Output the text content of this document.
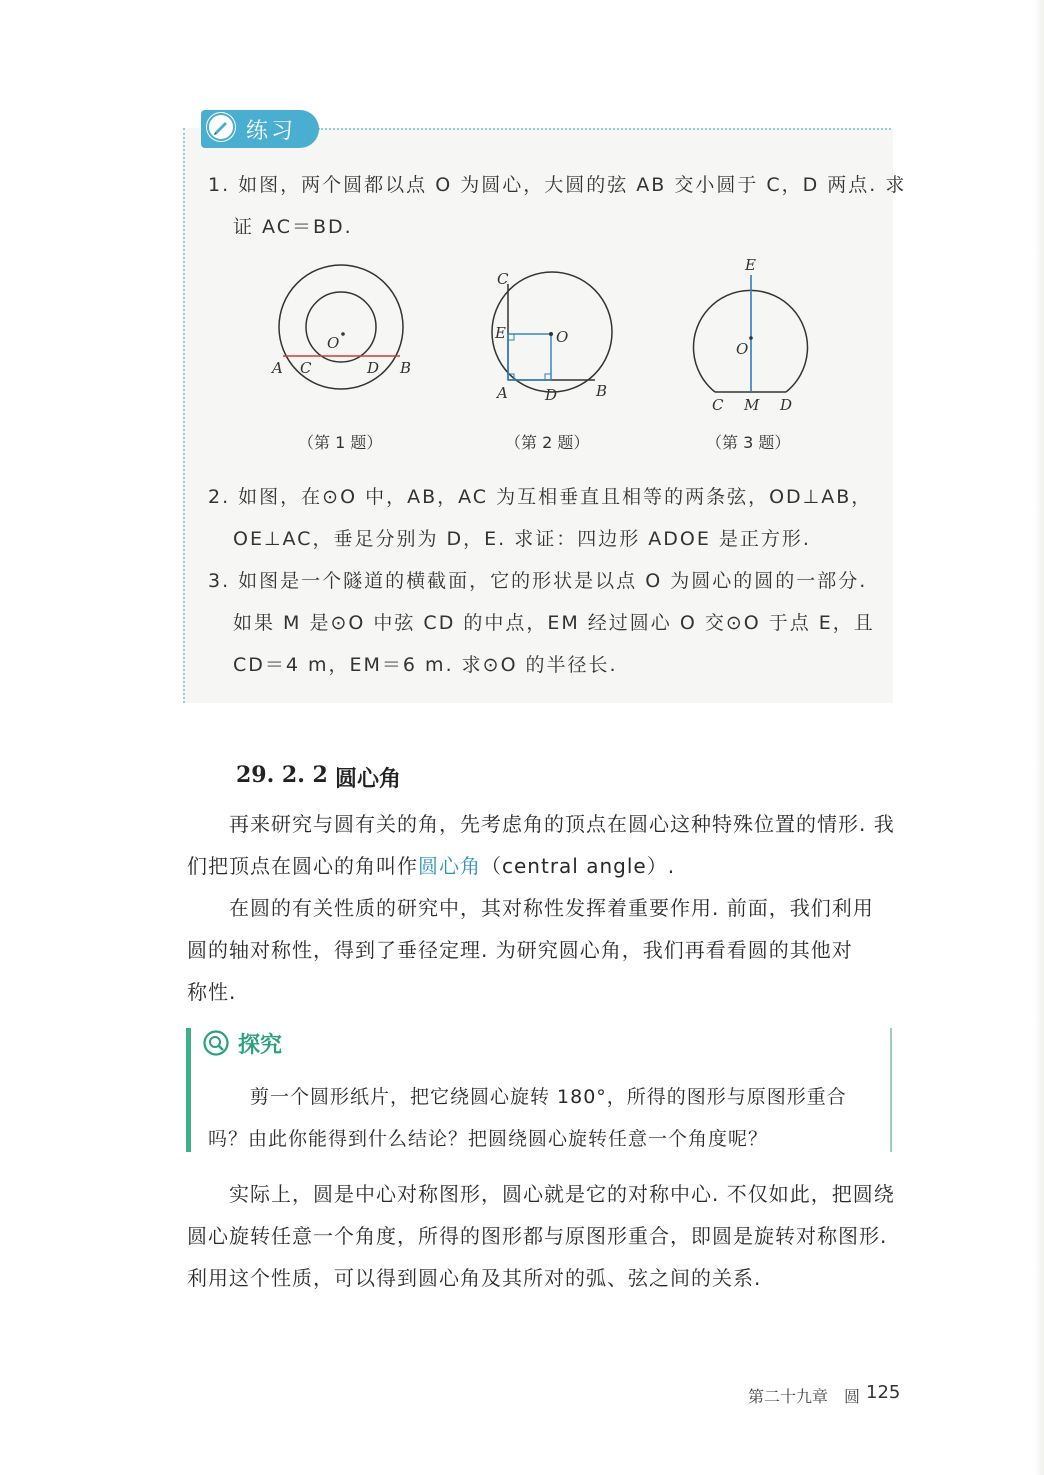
练习
1. 如图，两个圆都以点 O 为圆心，大圆的弦 AB 交小圆于 C，D 两点. 求
证 AC＝BD.
O
A C	D B
C
E	O
A D	B
E
O
C M D
（第 1 题）	（第 2 题）	（第 3 题）
2. 如图，在⊙O 中，AB，AC 为互相垂直且相等的两条弦，OD⊥AB，
OE⊥AC，垂足分别为 D，E. 求证：四边形 ADOE 是正方形.
3. 如图是一个隧道的横截面，它的形状是以点 O 为圆心的圆的一部分.
如果 M 是⊙O 中弦 CD 的中点，EM 经过圆心 O 交⊙O 于点 E，且
CD＝4 m，EM＝6 m. 求⊙O 的半径长.
29. 2. 2 圆心角
再来研究与圆有关的角，先考虑角的顶点在圆心这种特殊位置的情形. 我
们把顶点在圆心的角叫作圆心角（central angle）.
在圆的有关性质的研究中，其对称性发挥着重要作用. 前面，我们利用
圆的轴对称性，得到了垂径定理. 为研究圆心角，我们再看看圆的其他对
称性.
探究
剪一个圆形纸片，把它绕圆心旋转 180°，所得的图形与原图形重合
吗？由此你能得到什么结论？把圆绕圆心旋转任意一个角度呢？
实际上，圆是中心对称图形，圆心就是它的对称中心. 不仅如此，把圆绕
圆心旋转任意一个角度，所得的图形都与原图形重合，即圆是旋转对称图形.
利用这个性质，可以得到圆心角及其所对的弧、弦之间的关系.
第二十九章　圆 125
